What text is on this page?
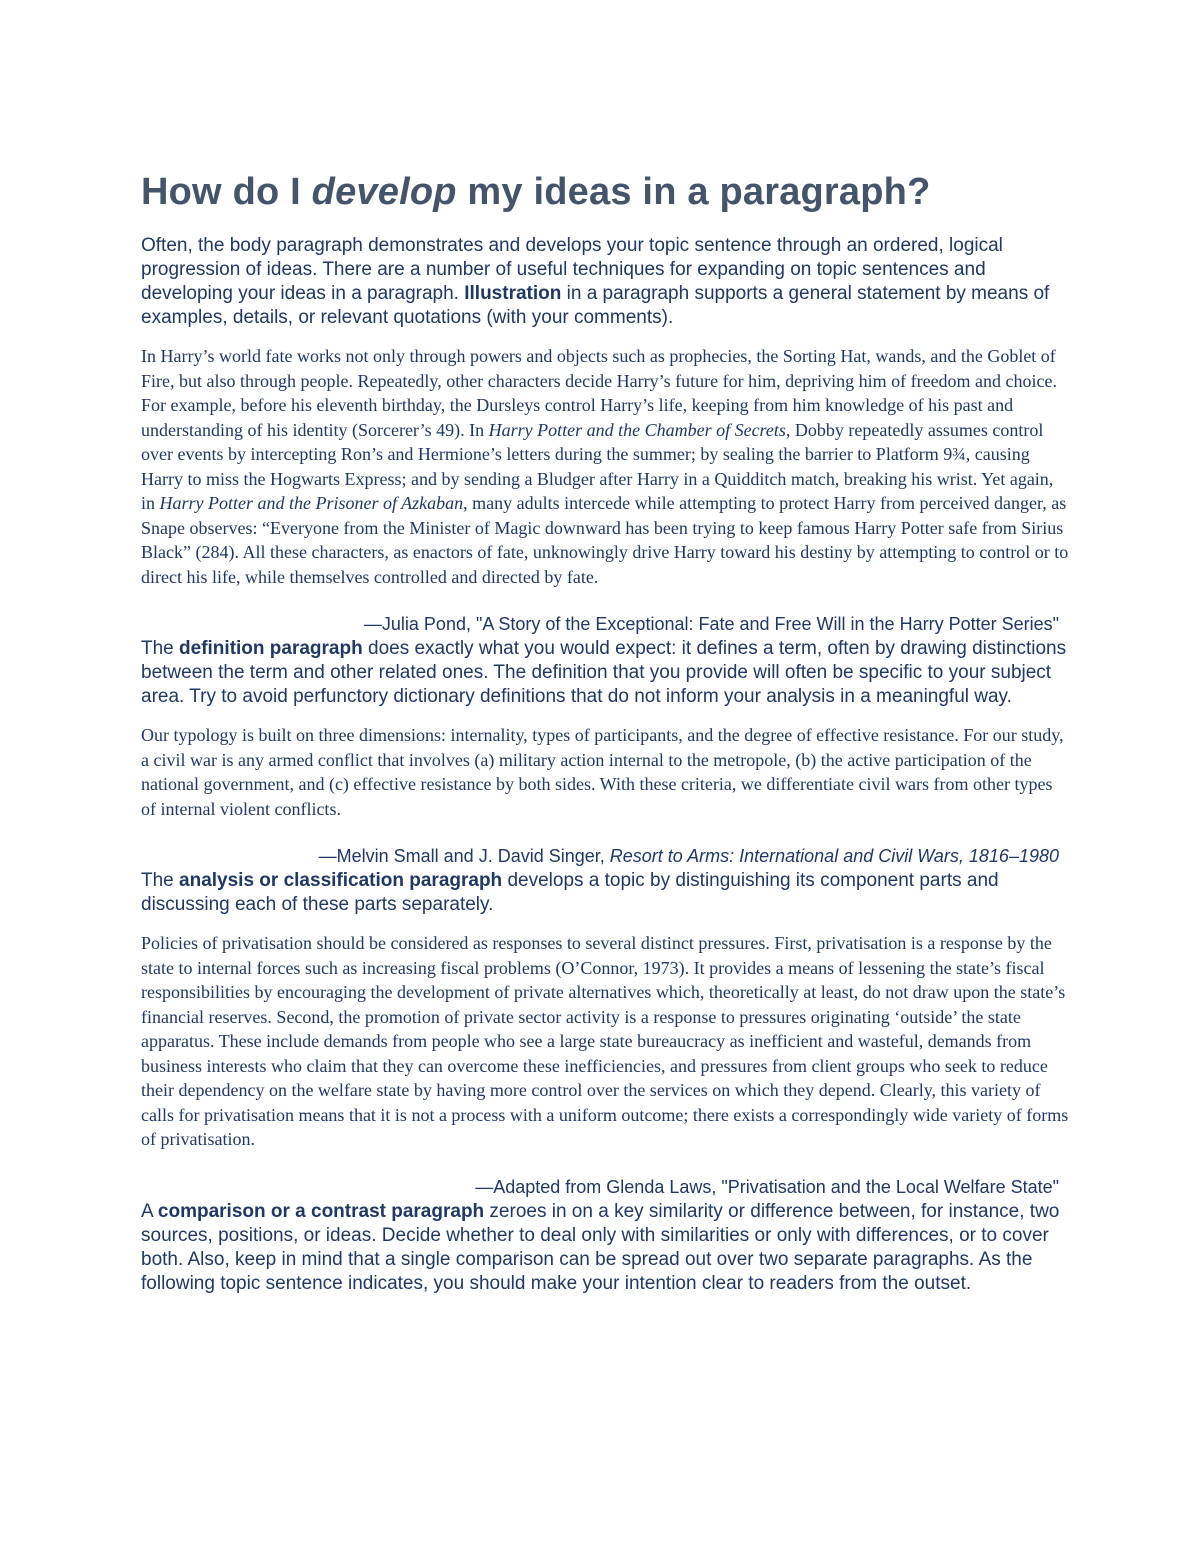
How do I develop my ideas in a paragraph?

Often, the body paragraph demonstrates and develops your topic sentence through an ordered, logical progression of ideas. There are a number of useful techniques for expanding on topic sentences and developing your ideas in a paragraph. Illustration in a paragraph supports a general statement by means of examples, details, or relevant quotations (with your comments).

In Harry’s world fate works not only through powers and objects such as prophecies, the Sorting Hat, wands, and the Goblet of Fire, but also through people. Repeatedly, other characters decide Harry’s future for him, depriving him of freedom and choice. For example, before his eleventh birthday, the Dursleys control Harry’s life, keeping from him knowledge of his past and understanding of his identity (Sorcerer’s 49). In Harry Potter and the Chamber of Secrets, Dobby repeatedly assumes control over events by intercepting Ron’s and Hermione’s letters during the summer; by sealing the barrier to Platform 9¾, causing Harry to miss the Hogwarts Express; and by sending a Bludger after Harry in a Quidditch match, breaking his wrist. Yet again, in Harry Potter and the Prisoner of Azkaban, many adults intercede while attempting to protect Harry from perceived danger, as Snape observes: “Everyone from the Minister of Magic downward has been trying to keep famous Harry Potter safe from Sirius Black” (284). All these characters, as enactors of fate, unknowingly drive Harry toward his destiny by attempting to control or to direct his life, while themselves controlled and directed by fate.

—Julia Pond, "A Story of the Exceptional: Fate and Free Will in the Harry Potter Series"

The definition paragraph does exactly what you would expect: it defines a term, often by drawing distinctions between the term and other related ones. The definition that you provide will often be specific to your subject area. Try to avoid perfunctory dictionary definitions that do not inform your analysis in a meaningful way.

Our typology is built on three dimensions: internality, types of participants, and the degree of effective resistance. For our study, a civil war is any armed conflict that involves (a) military action internal to the metropole, (b) the active participation of the national government, and (c) effective resistance by both sides. With these criteria, we differentiate civil wars from other types of internal violent conflicts.

—Melvin Small and J. David Singer, Resort to Arms: International and Civil Wars, 1816–1980

The analysis or classification paragraph develops a topic by distinguishing its component parts and discussing each of these parts separately.

Policies of privatisation should be considered as responses to several distinct pressures. First, privatisation is a response by the state to internal forces such as increasing fiscal problems (O’Connor, 1973). It provides a means of lessening the state’s fiscal responsibilities by encouraging the development of private alternatives which, theoretically at least, do not draw upon the state’s financial reserves. Second, the promotion of private sector activity is a response to pressures originating ‘outside’ the state apparatus. These include demands from people who see a large state bureaucracy as inefficient and wasteful, demands from business interests who claim that they can overcome these inefficiencies, and pressures from client groups who seek to reduce their dependency on the welfare state by having more control over the services on which they depend. Clearly, this variety of calls for privatisation means that it is not a process with a uniform outcome; there exists a correspondingly wide variety of forms of privatisation.

—Adapted from Glenda Laws, "Privatisation and the Local Welfare State"

A comparison or a contrast paragraph zeroes in on a key similarity or difference between, for instance, two sources, positions, or ideas. Decide whether to deal only with similarities or only with differences, or to cover both. Also, keep in mind that a single comparison can be spread out over two separate paragraphs. As the following topic sentence indicates, you should make your intention clear to readers from the outset.
